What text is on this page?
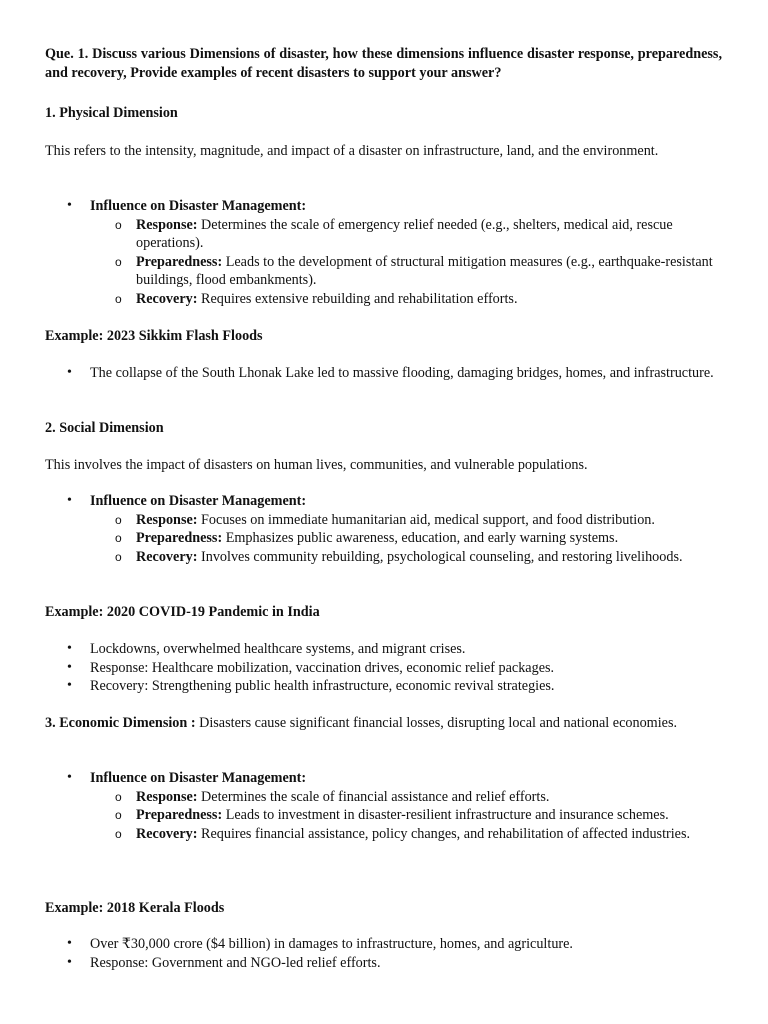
Que. 1. Discuss various Dimensions of disaster, how these dimensions influence disaster response, preparedness, and recovery, Provide examples of recent disasters to support your answer?

1. Physical Dimension

This refers to the intensity, magnitude, and impact of a disaster on infrastructure, land, and the environment.

• Influence on Disaster Management:
o Response: Determines the scale of emergency relief needed (e.g., shelters, medical aid, rescue operations).
o Preparedness: Leads to the development of structural mitigation measures (e.g., earthquake-resistant buildings, flood embankments).
o Recovery: Requires extensive rebuilding and rehabilitation efforts.
Example: 2023 Sikkim Flash Floods
• The collapse of the South Lhonak Lake led to massive flooding, damaging bridges, homes, and infrastructure.
2. Social Dimension

This involves the impact of disasters on human lives, communities, and vulnerable populations.

• Influence on Disaster Management:
o Response: Focuses on immediate humanitarian aid, medical support, and food distribution.
o Preparedness: Emphasizes public awareness, education, and early warning systems.
o Recovery: Involves community rebuilding, psychological counseling, and restoring livelihoods.
Example: 2020 COVID-19 Pandemic in India
• Lockdowns, overwhelmed healthcare systems, and migrant crises.
• Response: Healthcare mobilization, vaccination drives, economic relief packages.
• Recovery: Strengthening public health infrastructure, economic revival strategies.

3. Economic Dimension : Disasters cause significant financial losses, disrupting local and national economies.

• Influence on Disaster Management:
o Response: Determines the scale of financial assistance and relief efforts.
o Preparedness: Leads to investment in disaster-resilient infrastructure and insurance schemes.
o Recovery: Requires financial assistance, policy changes, and rehabilitation of affected industries.
Example: 2018 Kerala Floods
• Over ₹30,000 crore ($4 billion) in damages to infrastructure, homes, and agriculture.
• Response: Government and NGO-led relief efforts.
